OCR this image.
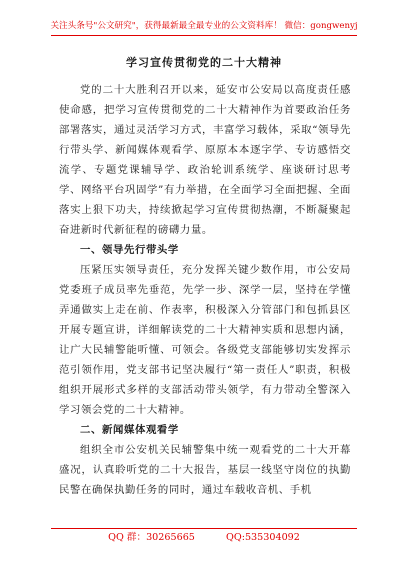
关注头条号"公文研究"，获得最新最全最专业的公文资料库！ 微信：gongwenyj
学习宣传贯彻党的二十大精神

党的二十大胜利召开以来，延安市公安局以高度责任感使命感，把学习宣传贯彻党的二十大精神作为首要政治任务部署落实，通过灵活学习方式，丰富学习载体，采取“领导先行带头学、新闻媒体观看学、原原本本逐字学、专访感悟交流学、专题党课辅导学、政治轮训系统学、座谈研讨思考学、网络平台巩固学”有力举措，在全面学习全面把握、全面落实上狠下功夫，持续掀起学习宣传贯彻热潮，不断凝聚起奋进新时代新征程的磅礴力量。

一、领导先行带头学

压紧压实领导责任，充分发挥关键少数作用，市公安局党委班子成员率先垂范，先学一步、深学一层，坚持在学懂弄通做实上走在前、作表率，积极深入分管部门和包抓县区开展专题宣讲，详细解读党的二十大精神实质和思想内涵，让广大民辅警能听懂、可领会。各级党支部能够切实发挥示范引领作用，党支部书记坚决履行“第一责任人”职责，积极组织开展形式多样的支部活动带头领学，有力带动全警深入学习领会党的二十大精神。

二、新闻媒体观看学

组织全市公安机关民辅警集中统一观看党的二十大开幕盛况，认真聆听党的二十大报告，基层一线坚守岗位的执勤民警在确保执勤任务的同时，通过车载收音机、手机

QQ 群：30265665	QQ:535304092
